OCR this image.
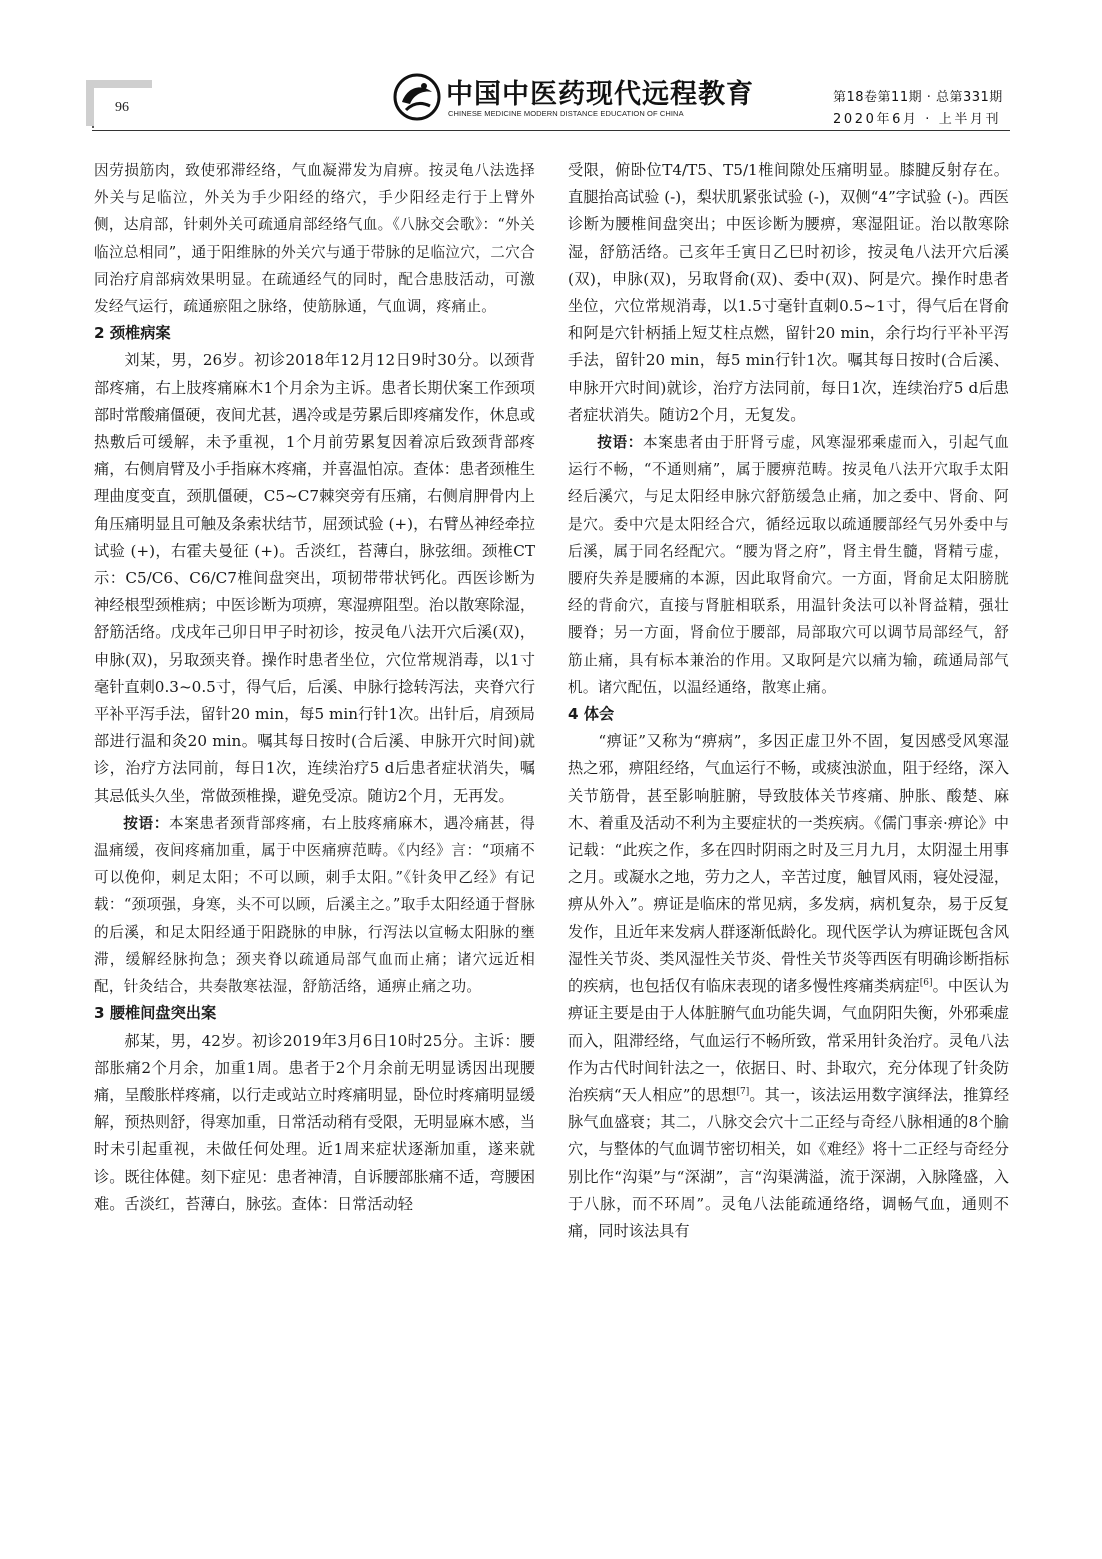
96	中国中医药现代远程教育
CHINESE MEDICINE MODERN DISTANCE EDUCATION OF CHINA
第18卷第11期 · 总第331期
2020年6月 · 上半月刊

因劳损筋肉，致使邪滞经络，气血凝滞发为肩痹。按灵龟八法选择外关与足临泣，外关为手少阳经的络穴，手少阳经走行于上臂外侧，达肩部，针刺外关可疏通肩部经络气血。《八脉交会歌》：“外关临泣总相同”，通于阳维脉的外关穴与通于带脉的足临泣穴，二穴合同治疗肩部病效果明显。在疏通经气的同时，配合患肢活动，可激发经气运行，疏通瘀阻之脉络，使筋脉通，气血调，疼痛止。

2 颈椎病案

刘某，男，26岁。初诊2018年12月12日9时30分。以颈背部疼痛，右上肢疼痛麻木1个月余为主诉。患者长期伏案工作颈项部时常酸痛僵硬，夜间尤甚，遇冷或是劳累后即疼痛发作，休息或热敷后可缓解，未予重视，1个月前劳累复因着凉后致颈背部疼痛，右侧肩臂及小手指麻木疼痛，并喜温怕凉。查体：患者颈椎生理曲度变直，颈肌僵硬，C5~C7棘突旁有压痛，右侧肩胛骨内上角压痛明显且可触及条索状结节，屈颈试验 (+)，右臂丛神经牵拉试验 (+)，右霍夫曼征 (+)。舌淡红，苔薄白，脉弦细。颈椎CT示：C5/C6、C6/C7椎间盘突出，项韧带带状钙化。西医诊断为神经根型颈椎病；中医诊断为项痹，寒湿痹阻型。治以散寒除湿，舒筋活络。戊戌年己卯日甲子时初诊，按灵龟八法开穴后溪(双)，申脉(双)，另取颈夹脊。操作时患者坐位，穴位常规消毒，以1寸毫针直刺0.3~0.5寸，得气后，后溪、申脉行捻转泻法，夹脊穴行平补平泻手法，留针20 min，每5 min行针1次。出针后，肩颈局部进行温和灸20 min。嘱其每日按时(合后溪、申脉开穴时间)就诊，治疗方法同前，每日1次，连续治疗5 d后患者症状消失，嘱其忌低头久坐，常做颈椎操，避免受凉。随访2个月，无再发。

按语：本案患者颈背部疼痛，右上肢疼痛麻木，遇冷痛甚，得温痛缓，夜间疼痛加重，属于中医痛痹范畴。《内经》言：“项痛不可以俛仰，刺足太阳；不可以顾，刺手太阳。”《针灸甲乙经》有记载：“颈项强，身寒，头不可以顾，后溪主之。”取手太阳经通于督脉的后溪，和足太阳经通于阳跷脉的申脉，行泻法以宣畅太阳脉的壅滞，缓解经脉拘急；颈夹脊以疏通局部气血而止痛；诸穴远近相配，针灸结合，共奏散寒祛湿，舒筋活络，通痹止痛之功。

3 腰椎间盘突出案

郝某，男，42岁。初诊2019年3月6日10时25分。主诉：腰部胀痛2个月余，加重1周。患者于2个月余前无明显诱因出现腰痛，呈酸胀样疼痛，以行走或站立时疼痛明显，卧位时疼痛明显缓解，预热则舒，得寒加重，日常活动稍有受限，无明显麻木感，当时未引起重视，未做任何处理。近1周来症状逐渐加重，遂来就诊。既往体健。刻下症见：患者神清，自诉腰部胀痛不适，弯腰困难。舌淡红，苔薄白，脉弦。查体：日常活动轻

受限，俯卧位T4/T5、T5/1椎间隙处压痛明显。膝腱反射存在。直腿抬高试验 (-)，梨状肌紧张试验 (-)，双侧“4”字试验 (-)。西医诊断为腰椎间盘突出；中医诊断为腰痹，寒湿阻证。治以散寒除湿，舒筋活络。己亥年壬寅日乙巳时初诊，按灵龟八法开穴后溪(双)，申脉(双)，另取肾俞(双)、委中(双)、阿是穴。操作时患者坐位，穴位常规消毒，以1.5寸毫针直刺0.5~1寸，得气后在肾俞和阿是穴针柄插上短艾柱点燃，留针20 min，余行均行平补平泻手法，留针20 min，每5 min行针1次。嘱其每日按时(合后溪、申脉开穴时间)就诊，治疗方法同前，每日1次，连续治疗5 d后患者症状消失。随访2个月，无复发。

按语：本案患者由于肝肾亏虚，风寒湿邪乘虚而入，引起气血运行不畅，“不通则痛”，属于腰痹范畴。按灵龟八法开穴取手太阳经后溪穴，与足太阳经申脉穴舒筋缓急止痛，加之委中、肾俞、阿是穴。委中穴是太阳经合穴，循经远取以疏通腰部经气另外委中与后溪，属于同名经配穴。“腰为肾之府”，肾主骨生髓，肾精亏虚，腰府失养是腰痛的本源，因此取肾俞穴。一方面，肾俞足太阳膀胱经的背俞穴，直接与肾脏相联系，用温针灸法可以补肾益精，强壮腰脊；另一方面，肾俞位于腰部，局部取穴可以调节局部经气，舒筋止痛，具有标本兼治的作用。又取阿是穴以痛为输，疏通局部气机。诸穴配伍，以温经通络，散寒止痛。

4 体会

“痹证”又称为“痹病”，多因正虚卫外不固，复因感受风寒湿热之邪，痹阻经络，气血运行不畅，或痰浊淤血，阻于经络，深入关节筋骨，甚至影响脏腑，导致肢体关节疼痛、肿胀、酸楚、麻木、着重及活动不利为主要症状的一类疾病。《儒门事亲·痹论》中记载：“此疾之作，多在四时阴雨之时及三月九月，太阴湿土用事之月。或凝水之地，劳力之人，辛苦过度，触冒风雨，寝处浸湿，痹从外入”。痹证是临床的常见病，多发病，病机复杂，易于反复发作，且近年来发病人群逐渐低龄化。现代医学认为痹证既包含风湿性关节炎、类风湿性关节炎、骨性关节炎等西医有明确诊断指标的疾病，也包括仅有临床表现的诸多慢性疼痛类病症[6]。中医认为痹证主要是由于人体脏腑气血功能失调，气血阴阳失衡，外邪乘虚而入，阻滞经络，气血运行不畅所致，常采用针灸治疗。灵龟八法作为古代时间针法之一，依据日、时、卦取穴，充分体现了针灸防治疾病“天人相应”的思想[7]。其一，该法运用数字演绎法，推算经脉气血盛衰；其二，八脉交会穴十二正经与奇经八脉相通的8个腧穴，与整体的气血调节密切相关，如《难经》将十二正经与奇经分别比作“沟渠”与“深湖”，言“沟渠满溢，流于深湖，入脉隆盛，入于八脉，而不环周”。灵龟八法能疏通络络，调畅气血，通则不痛，同时该法具有
